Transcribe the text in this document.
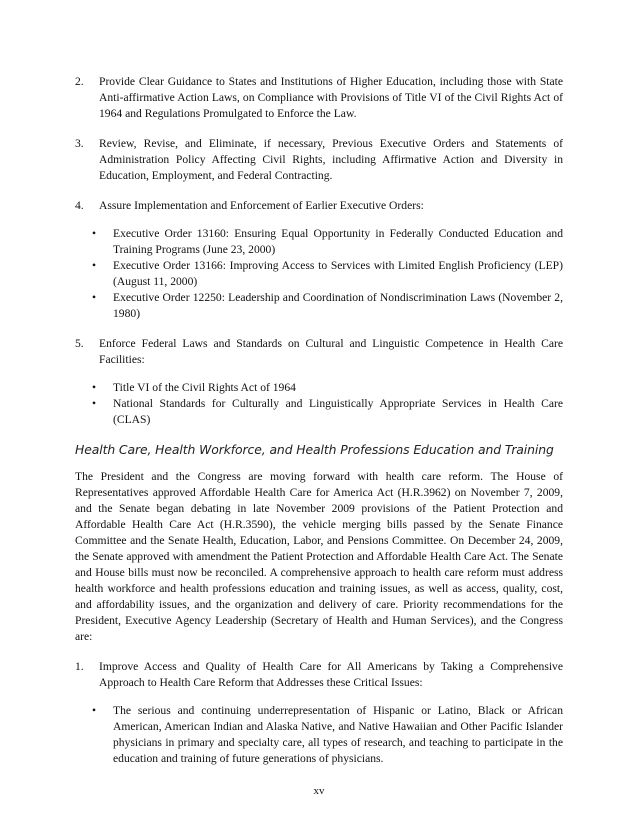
2. Provide Clear Guidance to States and Institutions of Higher Education, including those with State Anti-affirmative Action Laws, on Compliance with Provisions of Title VI of the Civil Rights Act of 1964 and Regulations Promulgated to Enforce the Law.
3. Review, Revise, and Eliminate, if necessary, Previous Executive Orders and Statements of Administration Policy Affecting Civil Rights, including Affirmative Action and Diversity in Education, Employment, and Federal Contracting.
4. Assure Implementation and Enforcement of Earlier Executive Orders:
• Executive Order 13160: Ensuring Equal Opportunity in Federally Conducted Education and Training Programs (June 23, 2000)
• Executive Order 13166: Improving Access to Services with Limited English Proficiency (LEP) (August 11, 2000)
• Executive Order 12250: Leadership and Coordination of Nondiscrimination Laws (November 2, 1980)
5. Enforce Federal Laws and Standards on Cultural and Linguistic Competence in Health Care Facilities:
• Title VI of the Civil Rights Act of 1964
• National Standards for Culturally and Linguistically Appropriate Services in Health Care (CLAS)
Health Care, Health Workforce, and Health Professions Education and Training

The President and the Congress are moving forward with health care reform. The House of Representatives approved Affordable Health Care for America Act (H.R.3962) on November 7, 2009, and the Senate began debating in late November 2009 provisions of the Patient Protection and Affordable Health Care Act (H.R.3590), the vehicle merging bills passed by the Senate Finance Committee and the Senate Health, Education, Labor, and Pensions Committee. On December 24, 2009, the Senate approved with amendment the Patient Protection and Affordable Health Care Act. The Senate and House bills must now be reconciled. A comprehensive approach to health care reform must address health workforce and health professions education and training issues, as well as access, quality, cost, and affordability issues, and the organization and delivery of care. Priority recommendations for the President, Executive Agency Leadership (Secretary of Health and Human Services), and the Congress are:

1. Improve Access and Quality of Health Care for All Americans by Taking a Comprehensive Approach to Health Care Reform that Addresses these Critical Issues:
• The serious and continuing underrepresentation of Hispanic or Latino, Black or African American, American Indian and Alaska Native, and Native Hawaiian and Other Pacific Islander physicians in primary and specialty care, all types of research, and teaching to participate in the education and training of future generations of physicians.
xv
